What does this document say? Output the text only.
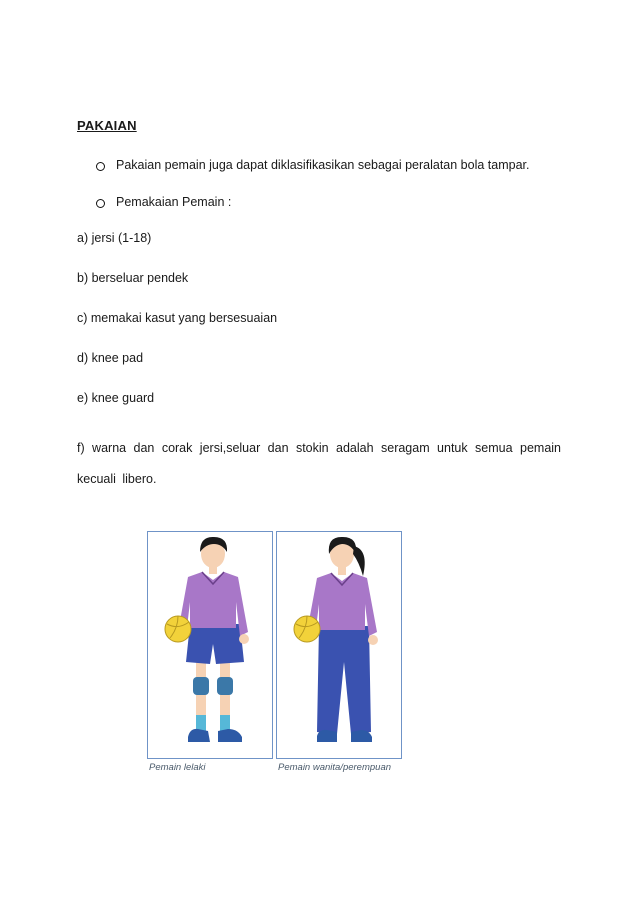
PAKAIAN
Pakaian pemain juga dapat diklasifikasikan sebagai peralatan bola tampar.
Pemakaian Pemain :
a) jersi (1-18)
b) berseluar pendek
c) memakai kasut yang bersesuaian
d) knee pad
e) knee guard
f) warna dan corak jersi,seluar dan stokin adalah seragam untuk semua pemain kecuali libero.
Pemain lelaki	Pemain wanita/perempuan
